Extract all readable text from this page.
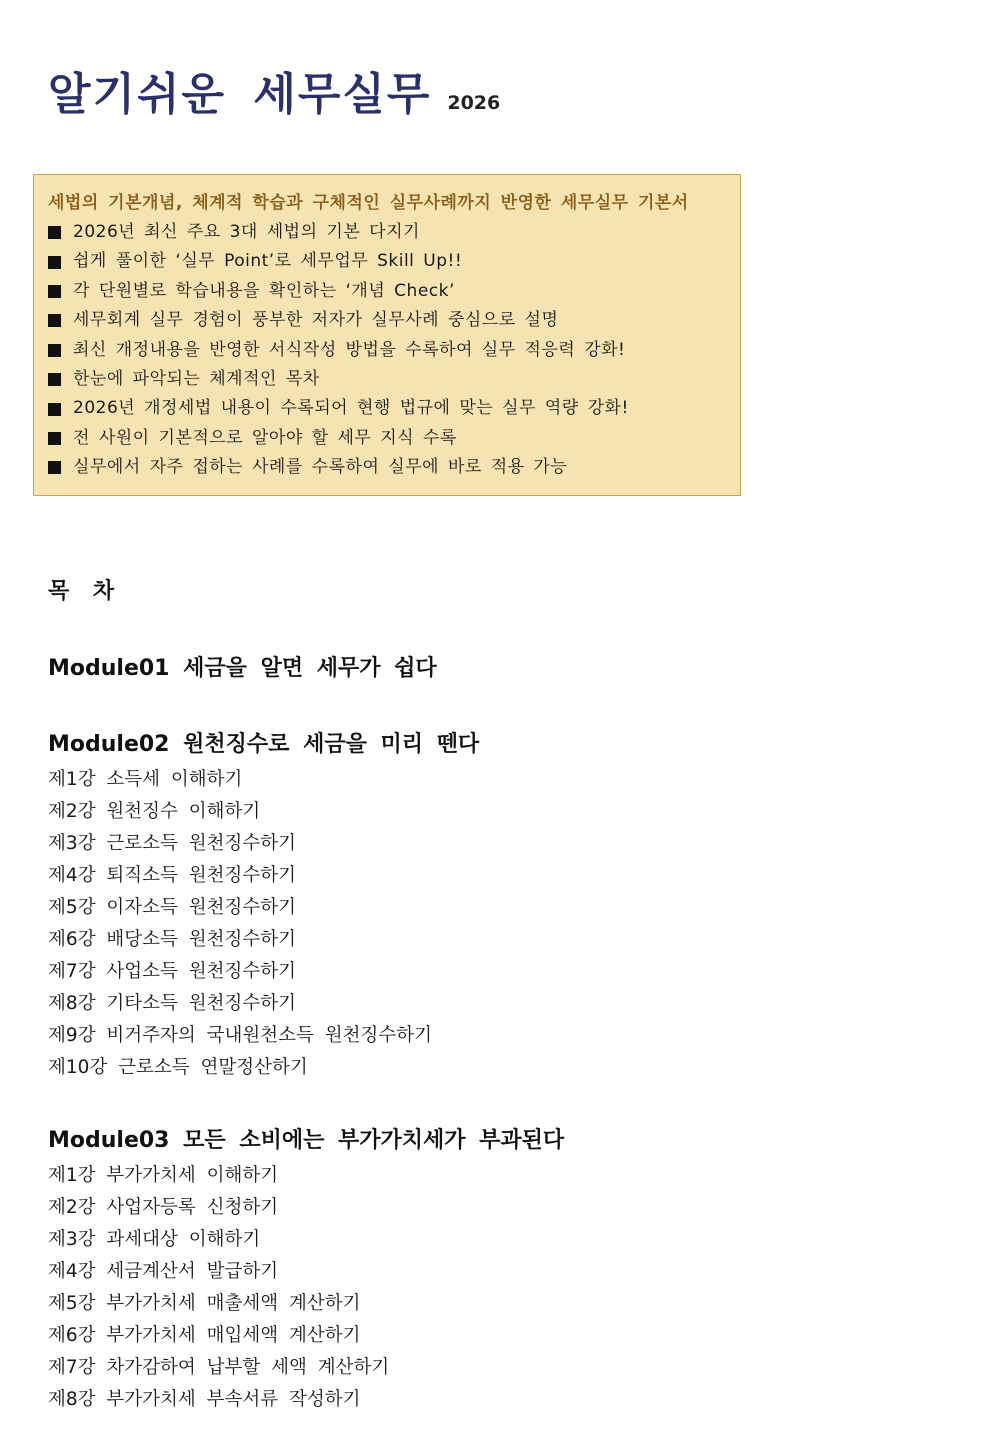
알기쉬운 세무실무 2026
세법의 기본개념, 체계적 학습과 구체적인 실무사례까지 반영한 세무실무 기본서
2026년 최신 주요 3대 세법의 기본 다지기
쉽게 풀이한 ‘실무 Point’로 세무업무 Skill Up!!
각 단원별로 학습내용을 확인하는 ‘개념 Check’
세무회계 실무 경험이 풍부한 저자가 실무사례 중심으로 설명
최신 개정내용을 반영한 서식작성 방법을 수록하여 실무 적응력 강화!
한눈에 파악되는 체계적인 목차
2026년 개정세법 내용이 수록되어 현행 법규에 맞는 실무 역량 강화!
전 사원이 기본적으로 알아야 할 세무 지식 수록
실무에서 자주 접하는 사례를 수록하여 실무에 바로 적용 가능
목 차
Module01 세금을 알면 세무가 쉽다
Module02 원천징수로 세금을 미리 뗀다
제1강 소득세 이해하기
제2강 원천징수 이해하기
제3강 근로소득 원천징수하기
제4강 퇴직소득 원천징수하기
제5강 이자소득 원천징수하기
제6강 배당소득 원천징수하기
제7강 사업소득 원천징수하기
제8강 기타소득 원천징수하기
제9강 비거주자의 국내원천소득 원천징수하기
제10강 근로소득 연말정산하기
Module03 모든 소비에는 부가가치세가 부과된다
제1강 부가가치세 이해하기
제2강 사업자등록 신청하기
제3강 과세대상 이해하기
제4강 세금계산서 발급하기
제5강 부가가치세 매출세액 계산하기
제6강 부가가치세 매입세액 계산하기
제7강 차가감하여 납부할 세액 계산하기
제8강 부가가치세 부속서류 작성하기
